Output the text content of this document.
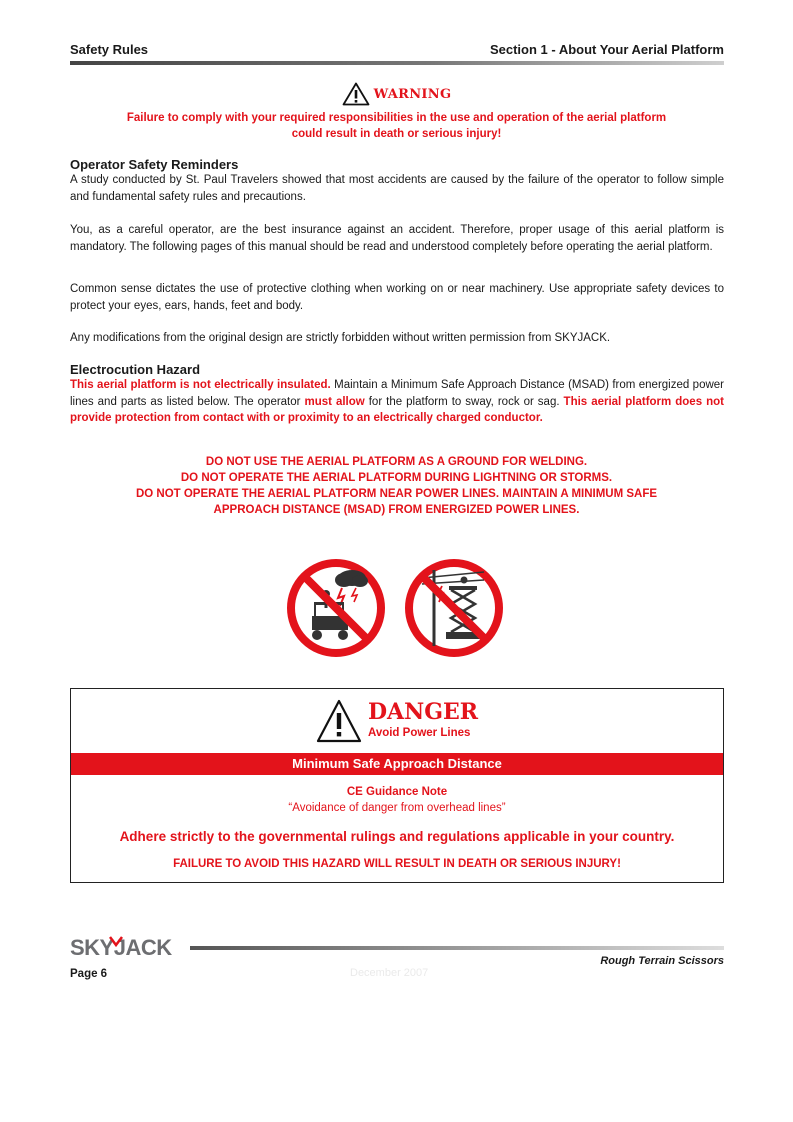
Safety Rules	Section 1 - About Your Aerial Platform
WARNING
Failure to comply with your required responsibilities in the use and operation of the aerial platform
could result in death or serious injury!
Operator Safety Reminders
A study conducted by St. Paul Travelers showed that most accidents are caused by the failure of the operator to follow simple and fundamental safety rules and precautions.
You, as a careful operator, are the best insurance against an accident. Therefore, proper usage of this aerial platform is mandatory. The following pages of this manual should be read and understood completely before operating the aerial platform.
Common sense dictates the use of protective clothing when working on or near machinery. Use appropriate safety devices to protect your eyes, ears, hands, feet and body.
Any modifications from the original design are strictly forbidden without written permission from SKYJACK.
Electrocution Hazard
This aerial platform is not electrically insulated. Maintain a Minimum Safe Approach Distance (MSAD) from energized power lines and parts as listed below. The operator must allow for the platform to sway, rock or sag. This aerial platform does not provide protection from contact with or proximity to an electrically charged conductor.
DO NOT USE THE AERIAL PLATFORM AS A GROUND FOR WELDING.
DO NOT OPERATE THE AERIAL PLATFORM DURING LIGHTNING OR STORMS.
DO NOT OPERATE THE AERIAL PLATFORM NEAR POWER LINES. MAINTAIN A MINIMUM SAFE
APPROACH DISTANCE (MSAD) FROM ENERGIZED POWER LINES.
DANGER
Avoid Power Lines
Minimum Safe Approach Distance
CE Guidance Note
“Avoidance of danger from overhead lines”
Adhere strictly to the governmental rulings and regulations applicable in your country.
FAILURE TO AVOID THIS HAZARD WILL RESULT IN DEATH OR SERIOUS INJURY!
SKYJACK
Page 6
Rough Terrain Scissors
December 2007
